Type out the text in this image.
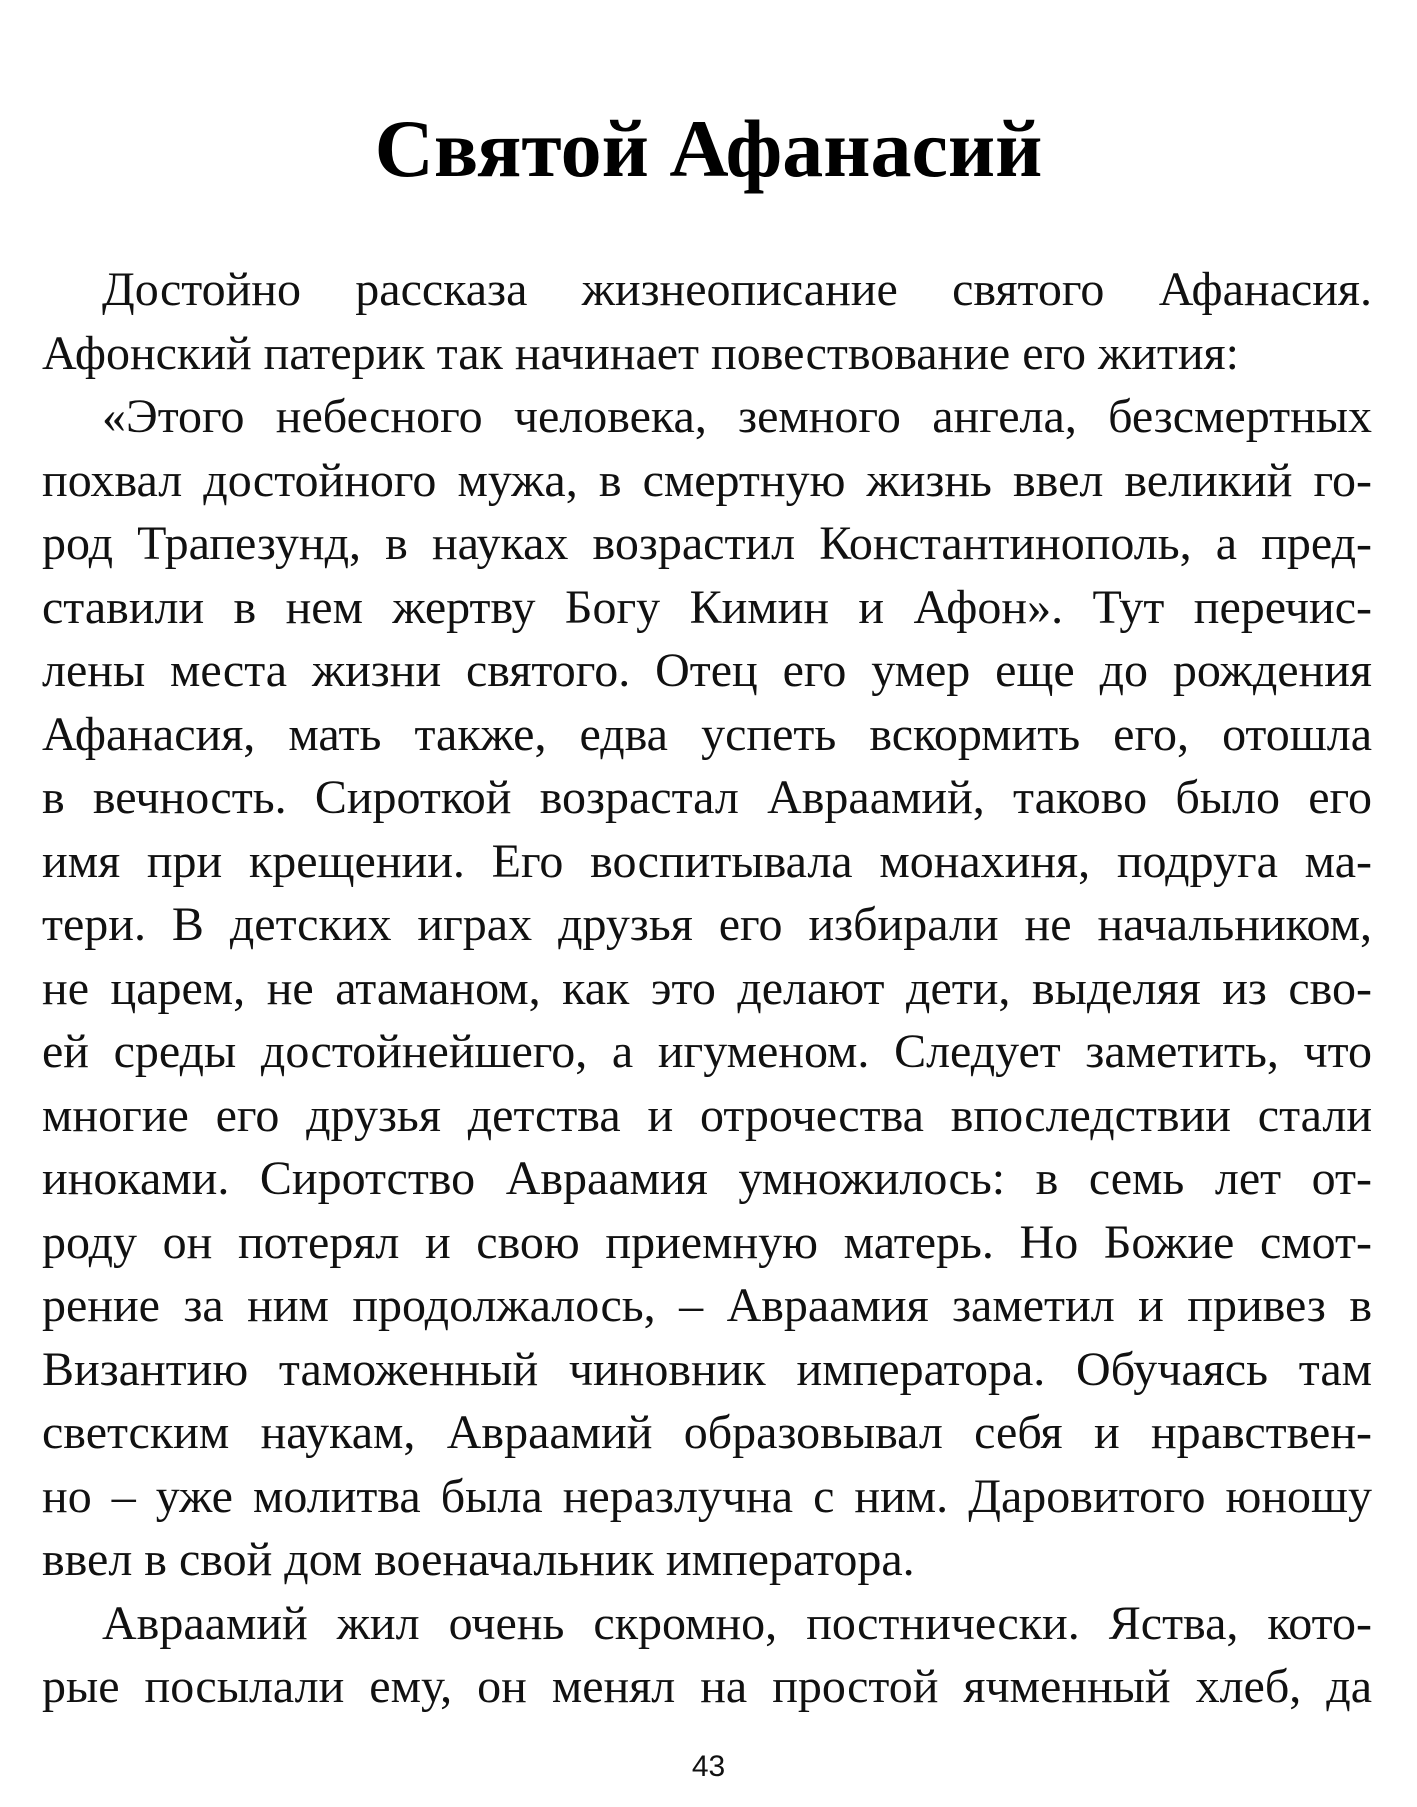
Святой Афанасий
Достойно рассказа жизнеописание святого Афанасия.
Афонский патерик так начинает повествование его жития:
«Этого небесного человека, земного ангела, безсмертных
похвал достойного мужа, в смертную жизнь ввел великий го-
род Трапезунд, в науках возрастил Константинополь, а пред-
ставили в нем жертву Богу Кимин и Афон». Тут перечис-
лены места жизни святого. Отец его умер еще до рождения
Афанасия, мать также, едва успеть вскормить его, отошла
в вечность. Сироткой возрастал Авраамий, таково было его
имя при крещении. Его воспитывала монахиня, подруга ма-
тери. В детских играх друзья его избирали не начальником,
не царем, не атаманом, как это делают дети, выделяя из сво-
ей среды достойнейшего, а игуменом. Следует заметить, что
многие его друзья детства и отрочества впоследствии стали
иноками. Сиротство Авраамия умножилось: в семь лет от-
роду он потерял и свою приемную матерь. Но Божие смот-
рение за ним продолжалось, – Авраамия заметил и привез в
Византию таможенный чиновник императора. Обучаясь там
светским наукам, Авраамий образовывал себя и нравствен-
но – уже молитва была неразлучна с ним. Даровитого юношу
ввел в свой дом военачальник императора.
Авраамий жил очень скромно, постнически. Яства, кото-
рые посылали ему, он менял на простой ячменный хлеб, да
43
